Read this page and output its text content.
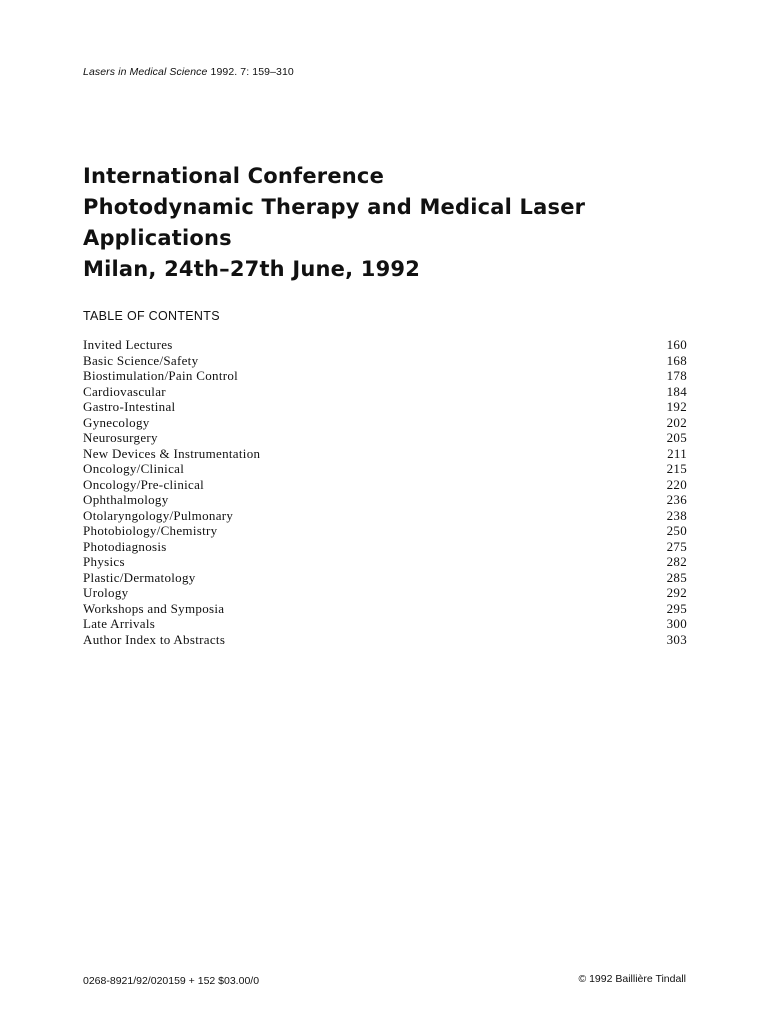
Lasers in Medical Science 1992. 7: 159–310
International Conference
Photodynamic Therapy and Medical Laser
Applications
Milan, 24th–27th June, 1992
TABLE OF CONTENTS
Invited Lectures	160
Basic Science/Safety	168
Biostimulation/Pain Control	178
Cardiovascular	184
Gastro-Intestinal	192
Gynecology	202
Neurosurgery	205
New Devices & Instrumentation	211
Oncology/Clinical	215
Oncology/Pre-clinical	220
Ophthalmology	236
Otolaryngology/Pulmonary	238
Photobiology/Chemistry	250
Photodiagnosis	275
Physics	282
Plastic/Dermatology	285
Urology	292
Workshops and Symposia	295
Late Arrivals	300
Author Index to Abstracts	303
0268-8921/92/020159 + 152 $03.00/0	© 1992 Baillière Tindall
